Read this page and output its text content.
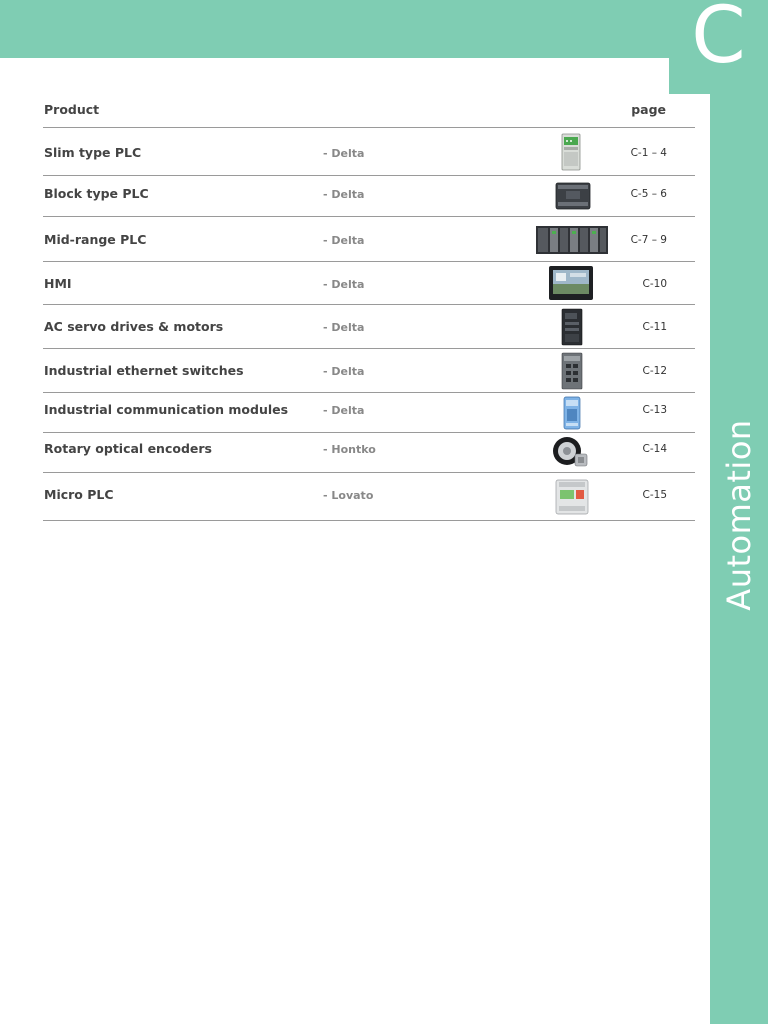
C
Automation
Product	page
Slim type PLC	- Delta	C-1 – 4
Block type PLC	- Delta	C-5 – 6
Mid-range PLC	- Delta	C-7 – 9
HMI	- Delta	C-10
AC servo drives & motors	- Delta	C-11
Industrial ethernet switches	- Delta	C-12
Industrial communication modules	- Delta	C-13
Rotary optical encoders	- Hontko	C-14
Micro PLC	- Lovato	C-15
